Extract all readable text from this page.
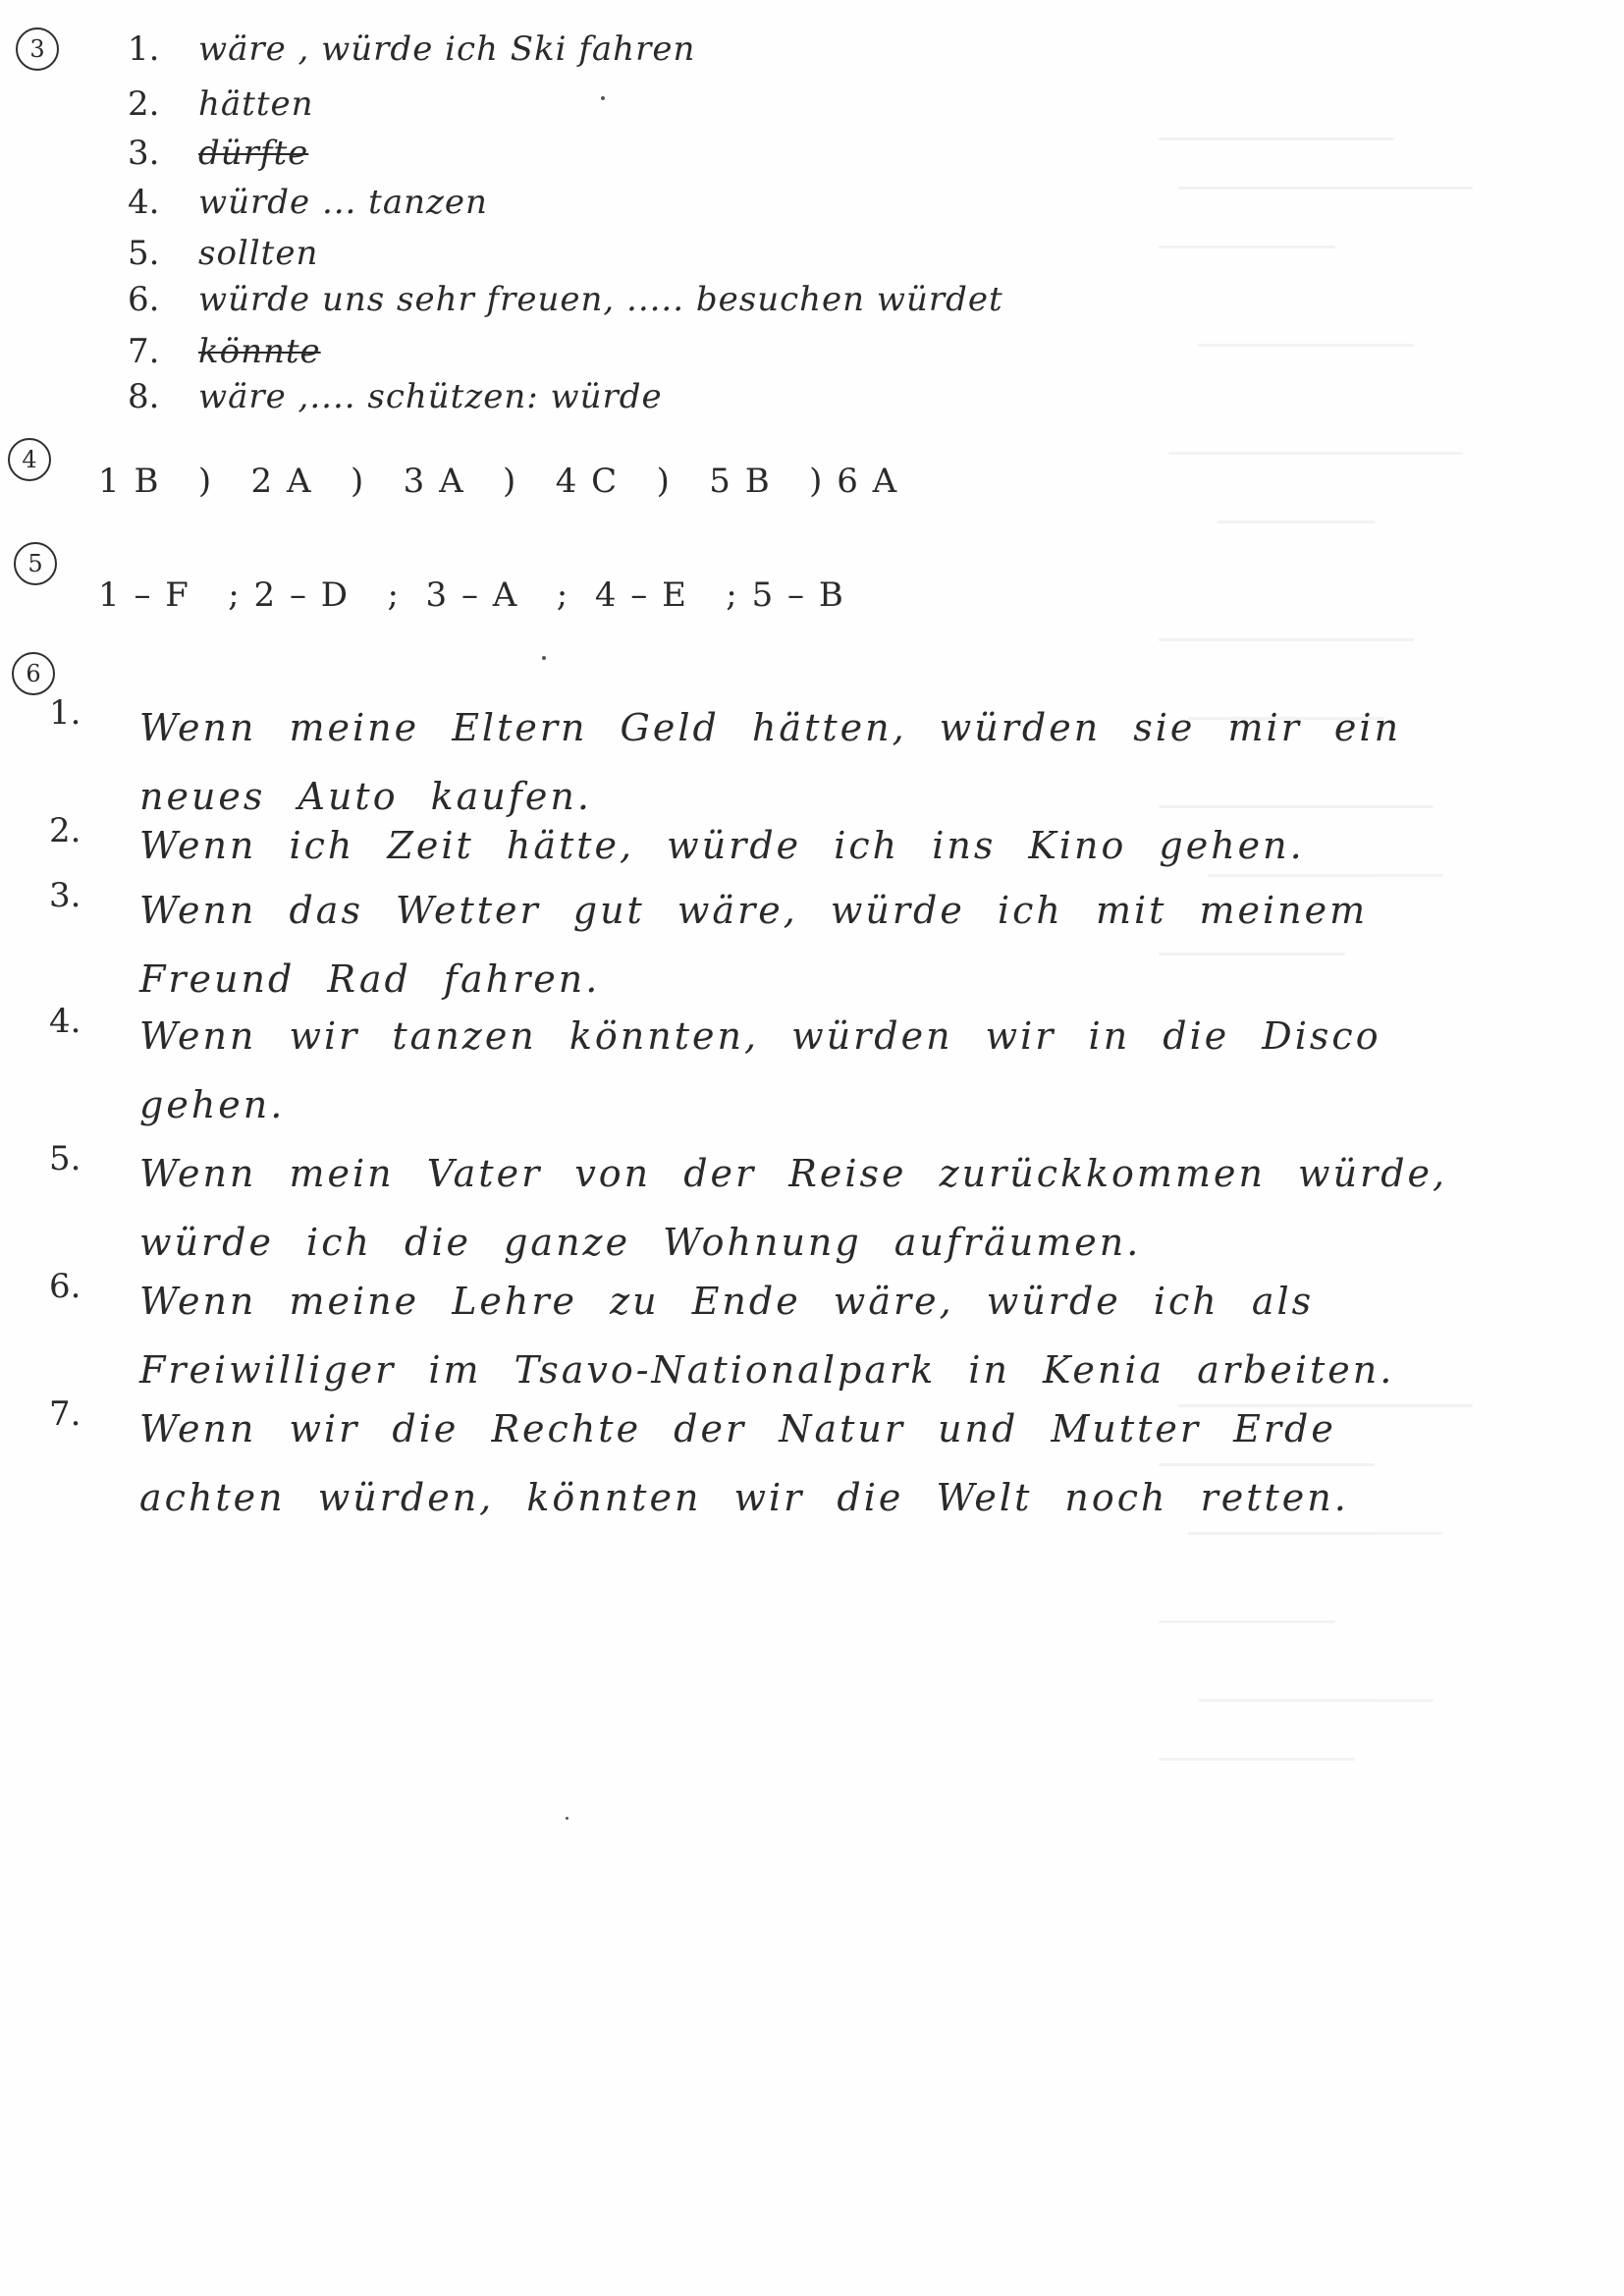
3	1. wäre , würde ich Ski fahren
2. hätten
3. dürfte
4. würde ... tanzen
5. sollten
6. würde uns sehr freuen, ..... besuchen würdet
7. könnte
8. wäre ,.... schützen: würde
4
1 B   )   2 A   )   3 A   )   4 C   )   5 B   ) 6 A
5
1 – F   ; 2 – D   ;  3 – A   ;  4 – E   ; 5 – B
6
1. Wenn meine Eltern Geld hätten, würden sie mir ein neues Auto kaufen.
2. Wenn ich Zeit hätte, würde ich ins Kino gehen.
3. Wenn das Wetter gut wäre, würde ich mit meinem Freund Rad fahren.
4. Wenn wir tanzen könnten, würden wir in die Disco gehen.
5. Wenn mein Vater von der Reise zurückkommen würde, würde ich die ganze Wohnung aufräumen.
6. Wenn meine Lehre zu Ende wäre, würde ich als Freiwilliger im Tsavo-Nationalpark in Kenia arbeiten.
7. Wenn wir die Rechte der Natur und Mutter Erde achten würden, könnten wir die Welt noch retten.
